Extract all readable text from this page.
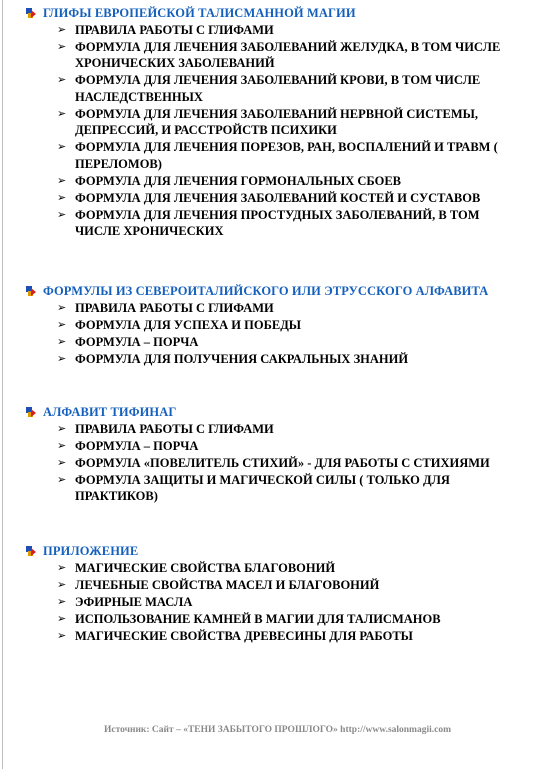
ГЛИФЫ ЕВРОПЕЙСКОЙ ТАЛИСМАННОЙ МАГИИ
➢ ПРАВИЛА РАБОТЫ С ГЛИФАМИ
➢ ФОРМУЛА ДЛЯ ЛЕЧЕНИЯ ЗАБОЛЕВАНИЙ ЖЕЛУДКА, В ТОМ ЧИСЛЕ ХРОНИЧЕСКИХ ЗАБОЛЕВАНИЙ
➢ ФОРМУЛА ДЛЯ ЛЕЧЕНИЯ ЗАБОЛЕВАНИЙ КРОВИ, В ТОМ ЧИСЛЕ НАСЛЕДСТВЕННЫХ
➢ ФОРМУЛА ДЛЯ ЛЕЧЕНИЯ ЗАБОЛЕВАНИЙ НЕРВНОЙ СИСТЕМЫ, ДЕПРЕССИЙ, И РАССТРОЙСТВ ПСИХИКИ
➢ ФОРМУЛА ДЛЯ ЛЕЧЕНИЯ ПОРЕЗОВ, РАН, ВОСПАЛЕНИЙ И ТРАВМ ( ПЕРЕЛОМОВ)
➢ ФОРМУЛА ДЛЯ ЛЕЧЕНИЯ ГОРМОНАЛЬНЫХ СБОЕВ
➢ ФОРМУЛА ДЛЯ ЛЕЧЕНИЯ ЗАБОЛЕВАНИЙ КОСТЕЙ И СУСТАВОВ
➢ ФОРМУЛА ДЛЯ ЛЕЧЕНИЯ ПРОСТУДНЫХ ЗАБОЛЕВАНИЙ, В ТОМ ЧИСЛЕ ХРОНИЧЕСКИХ
ФОРМУЛЫ ИЗ СЕВЕРОИТАЛИЙСКОГО ИЛИ ЭТРУССКОГО АЛФАВИТА
➢ ПРАВИЛА РАБОТЫ С ГЛИФАМИ
➢ ФОРМУЛА ДЛЯ УСПЕХА И ПОБЕДЫ
➢ ФОРМУЛА – ПОРЧА
➢ ФОРМУЛА ДЛЯ ПОЛУЧЕНИЯ САКРАЛЬНЫХ ЗНАНИЙ
АЛФАВИТ ТИФИНАГ
➢ ПРАВИЛА РАБОТЫ С ГЛИФАМИ
➢ ФОРМУЛА – ПОРЧА
➢ ФОРМУЛА «ПОВЕЛИТЕЛЬ СТИХИЙ» - ДЛЯ РАБОТЫ С СТИХИЯМИ
➢ ФОРМУЛА ЗАЩИТЫ И МАГИЧЕСКОЙ СИЛЫ ( ТОЛЬКО ДЛЯ ПРАКТИКОВ)
ПРИЛОЖЕНИЕ
➢ МАГИЧЕСКИЕ СВОЙСТВА БЛАГОВОНИЙ
➢ ЛЕЧЕБНЫЕ СВОЙСТВА МАСЕЛ И БЛАГОВОНИЙ
➢ ЭФИРНЫЕ МАСЛА
➢ ИСПОЛЬЗОВАНИЕ КАМНЕЙ В МАГИИ ДЛЯ ТАЛИСМАНОВ
➢ МАГИЧЕСКИЕ СВОЙСТВА ДРЕВЕСИНЫ ДЛЯ РАБОТЫ
Источник: Сайт – «ТЕНИ ЗАБЫТОГО ПРОШЛОГО» http://www.salonmagii.com
